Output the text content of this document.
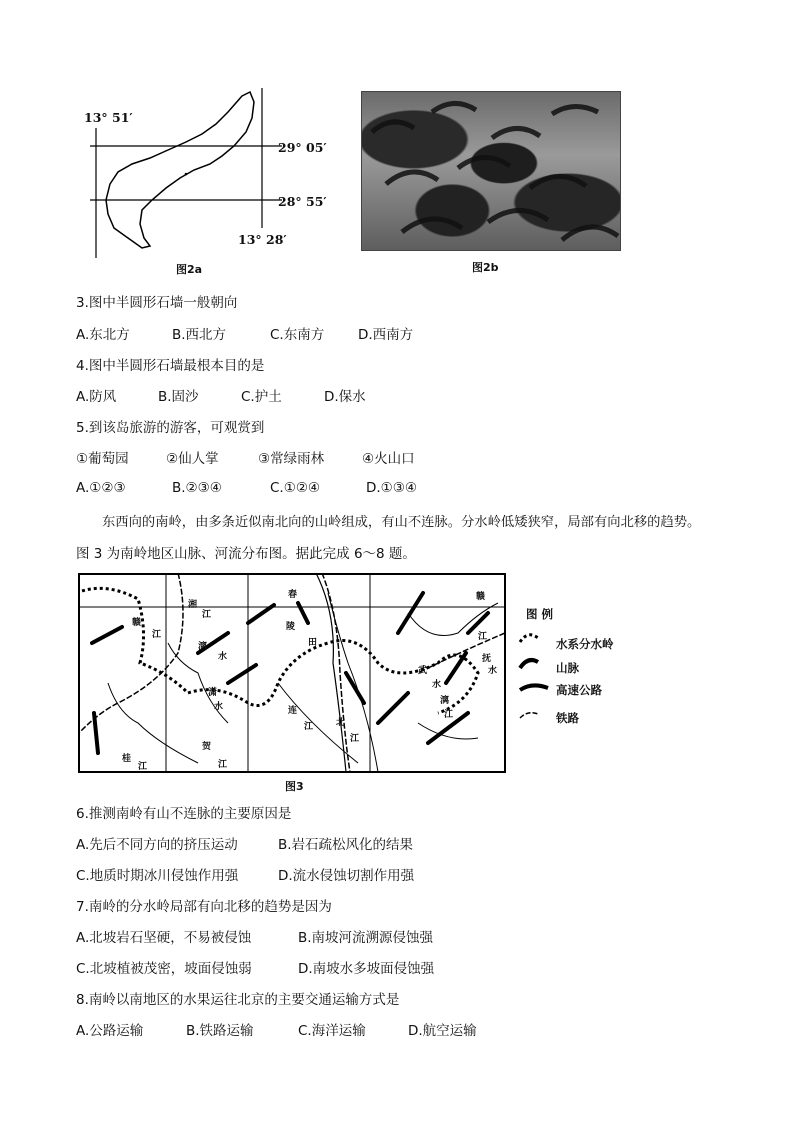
13° 51′
29° 05′
28° 55′
13° 28′
图2a	图2b
3.图中半圆形石墙一般朝向
A.东北方	B.西北方	C.东南方	D.西南方
4.图中半圆形石墙最根本目的是
A.防风	B.固沙	C.护土	D.保水
5.到该岛旅游的游客，可观赏到
①葡萄园	②仙人掌	③常绿雨林	④火山口
A.①②③	B.②③④	C.①②④	D.①③④
东西向的南岭，由多条近似南北向的山岭组成，有山不连脉。分水岭低矮狭窄，局部有向北移的趋势。
图 3 为南岭地区山脉、河流分布图。据此完成 6～8 题。
赣
江
湘
江
漓
水
潇
水
春
陵
田
北
江
连
江
桂
江
贺
江
武
水
赣
江
抚
水
漓
江
图3
图 例
水系分水岭
山脉
高速公路
铁路
6.推测南岭有山不连脉的主要原因是
A.先后不同方向的挤压运动	B.岩石疏松风化的结果
C.地质时期冰川侵蚀作用强	D.流水侵蚀切割作用强
7.南岭的分水岭局部有向北移的趋势是因为
A.北坡岩石坚硬，不易被侵蚀	B.南坡河流溯源侵蚀强
C.北坡植被茂密，坡面侵蚀弱	D.南坡水多坡面侵蚀强
8.南岭以南地区的水果运往北京的主要交通运输方式是
A.公路运输	B.铁路运输	C.海洋运输	D.航空运输
